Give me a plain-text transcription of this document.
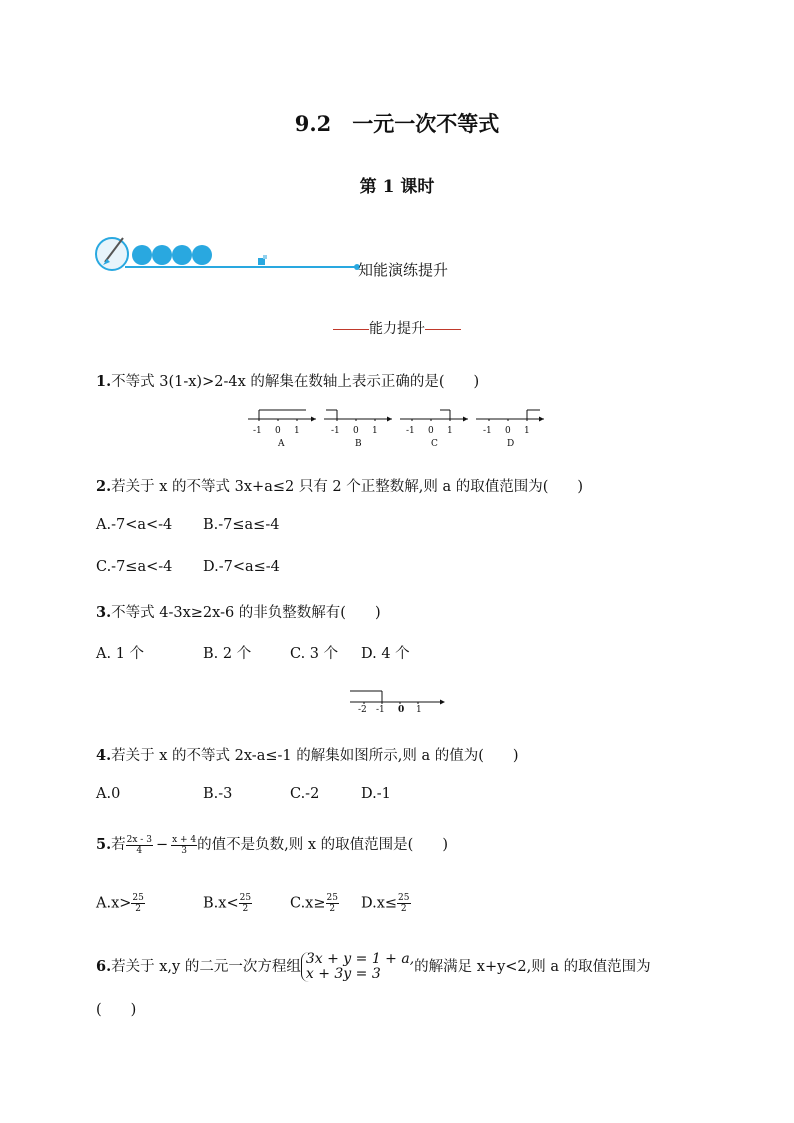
9.2　一元一次不等式
第 1 课时
知能演练提升
能力提升
1.不等式 3(1-x)>2-4x 的解集在数轴上表示正确的是(　　)
-1 0 1	-1 0 1	-1 0 1	-1 0 1
A	B	C	D
2.若关于 x 的不等式 3x+a≤2 只有 2 个正整数解,则 a 的取值范围为(　　)
A.-7<a<-4 B.-7≤a≤-4
C.-7≤a<-4 D.-7<a≤-4
3.不等式 4-3x≥2x-6 的非负整数解有(　　)
A. 1 个	B. 2 个	C. 3 个 D. 4 个
-2 -1 0 1
4.若关于 x 的不等式 2x-a≤-1 的解集如图所示,则 a 的值为(　　)
A.0	B.-3	C.-2	D.-1
5.若 $\frac{2x - 3}{4} - \frac{x + 4}{3}$ 的值不是负数,则 x 的取值范围是(　　)
$A.x> \frac{25}{2}$	$B.x< \frac{25}{2}$	$C.x\ge \frac{25}{2} D.x\le \frac{25}{2}$
6.若关于 x,y 的二元一次方程组 3x + y = 1 + a,
x + 3y = 3	的解满足 x+y<2,则 a 的取值范围为
(　　)
